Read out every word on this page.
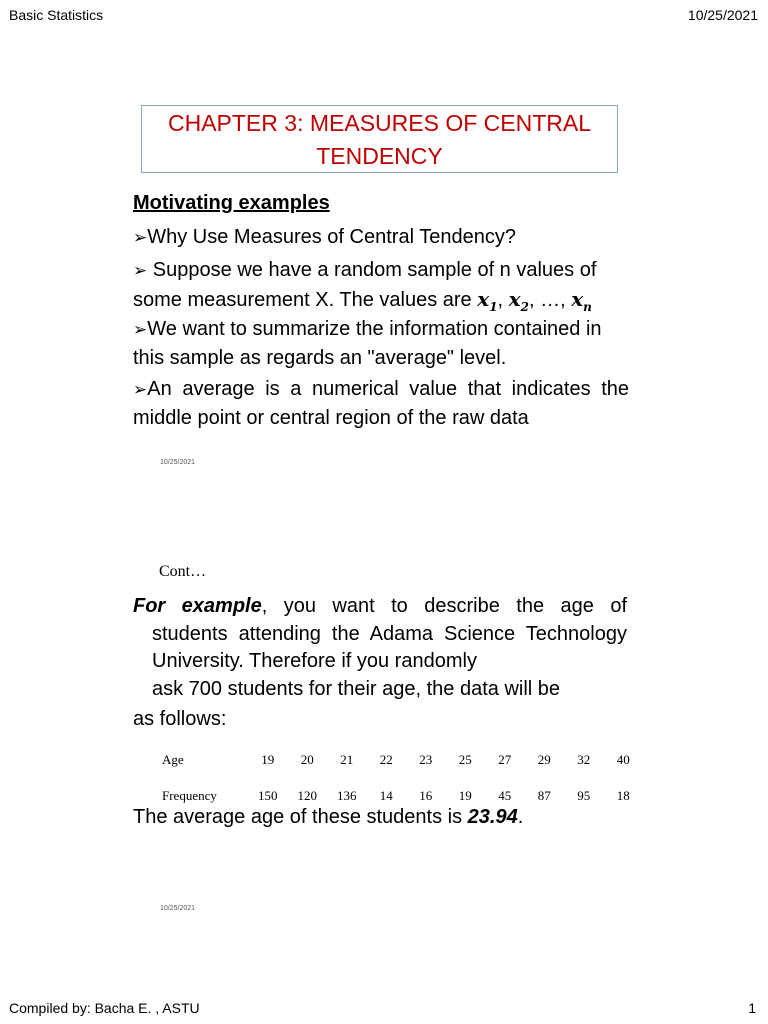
Basic Statistics	10/25/2021
CHAPTER 3: MEASURES OF CENTRAL
TENDENCY
Motivating examples
➢Why Use Measures of Central Tendency?
➢ Suppose we have a random sample of n values of some measurement X. The values are $x_1$, $x_2$, …, $x_n$
➢We want to summarize the information contained in this sample as regards an "average" level.
➢An average is a numerical value that indicates the middle point or central region of the raw data
10/25/2021
Cont…
For example, you want to describe the age of
students attending the Adama Science Technology University. Therefore if you randomly
ask 700 students for their age, the data will be
as follows:
Age	19	20	21	22	23	25	27	29	32	40
Frequency	150	120	136	14	16	19	45	87	95	18
The average age of these students is 23.94.
10/25/2021
Compiled by: Bacha E. , ASTU	1
